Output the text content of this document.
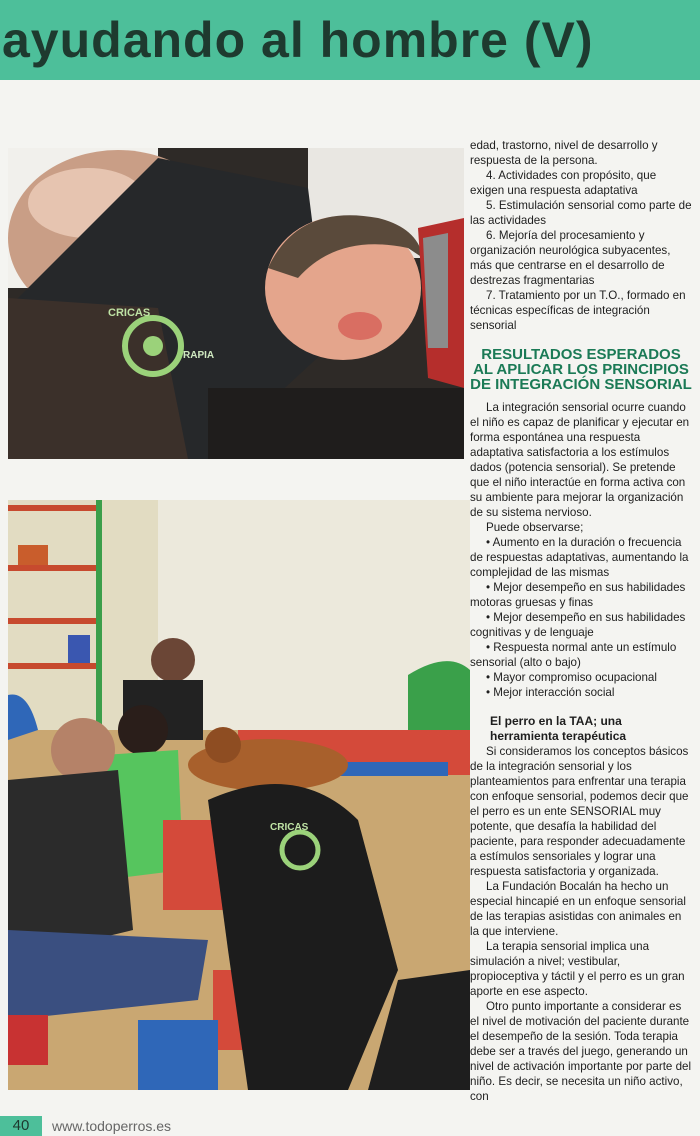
ayudando al hombre (V)
CRICAS
RAPIA
CRICAS

edad, trastorno, nivel de desarrollo y respuesta de la persona.

4. Actividades con propósito, que exigen una respuesta adaptativa

5. Estimulación sensorial como parte de las actividades

6. Mejoría del procesamiento y organización neurológica subyacentes, más que centrarse en el desarrollo de destrezas fragmentarias

7. Tratamiento por un T.O., formado en técnicas específicas de integración sensorial

RESULTADOS ESPERADOS AL APLICAR LOS PRINCIPIOS DE INTEGRACIÓN SENSORIAL

La integración sensorial ocurre cuando el niño es capaz de planificar y ejecutar en forma espontánea una respuesta adaptativa satisfactoria a los estímulos dados (potencia sensorial). Se pretende que el niño interactúe en forma activa con su ambiente para mejorar la organización de su sistema nervioso.

Puede observarse;

• Aumento en la duración o frecuencia de respuestas adaptativas, aumentando la complejidad de las mismas

• Mejor desempeño en sus habilidades motoras gruesas y finas

• Mejor desempeño en sus habilidades cognitivas y de lenguaje

• Respuesta normal ante un estímulo sensorial (alto o bajo)

• Mayor compromiso ocupacional

• Mejor interacción social

El perro en la TAA; una herramienta terapéutica

Si consideramos los conceptos básicos de la integración sensorial y los planteamientos para enfrentar una terapia con enfoque sensorial, podemos decir que el perro es un ente SENSORIAL muy potente, que desafía la habilidad del paciente, para responder adecuadamente a estímulos sensoriales y lograr una respuesta satisfactoria y organizada.

La Fundación Bocalán ha hecho un especial hincapié en un enfoque sensorial de las terapias asistidas con animales en la que interviene.

La terapia sensorial implica una simulación a nivel; vestibular, propioceptiva y táctil y el perro es un gran aporte en ese aspecto.

Otro punto importante a considerar es el nivel de motivación del paciente durante el desempeño de la sesión. Toda terapia debe ser a través del juego, generando un nivel de activación importante por parte del niño. Es decir, se necesita un niño activo, con

40	www.todoperros.es
